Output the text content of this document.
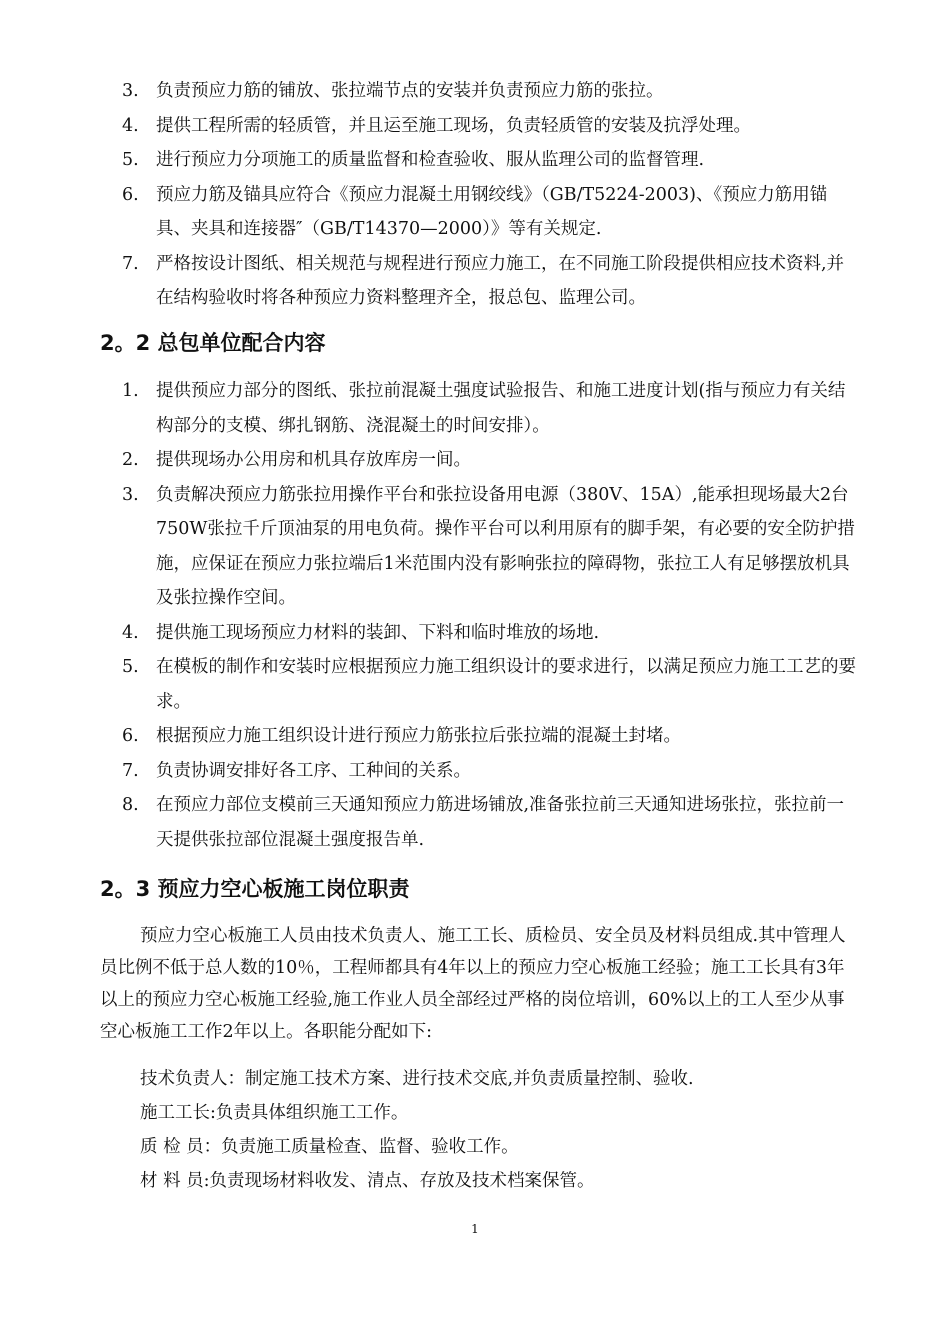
3. 负责预应力筋的铺放、张拉端节点的安装并负责预应力筋的张拉。
4. 提供工程所需的轻质管，并且运至施工现场，负责轻质管的安装及抗浮处理。
5. 进行预应力分项施工的质量监督和检查验收、服从监理公司的监督管理.
6. 预应力筋及锚具应符合《预应力混凝土用钢绞线》（GB/T5224-2003)、《预应力筋用锚具、夹具和连接器″（GB/T14370—2000）》等有关规定.
7. 严格按设计图纸、相关规范与规程进行预应力施工，在不同施工阶段提供相应技术资料,并在结构验收时将各种预应力资料整理齐全，报总包、监理公司。
2。2 总包单位配合内容
1. 提供预应力部分的图纸、张拉前混凝土强度试验报告、和施工进度计划(指与预应力有关结构部分的支模、绑扎钢筋、浇混凝土的时间安排）。
2. 提供现场办公用房和机具存放库房一间。
3. 负责解决预应力筋张拉用操作平台和张拉设备用电源（380V、15A）,能承担现场最大2台750W张拉千斤顶油泵的用电负荷。操作平台可以利用原有的脚手架，有必要的安全防护措施，应保证在预应力张拉端后1米范围内没有影响张拉的障碍物，张拉工人有足够摆放机具及张拉操作空间。
4. 提供施工现场预应力材料的装卸、下料和临时堆放的场地.
5. 在模板的制作和安装时应根据预应力施工组织设计的要求进行，以满足预应力施工工艺的要求。
6. 根据预应力施工组织设计进行预应力筋张拉后张拉端的混凝土封堵。
7. 负责协调安排好各工序、工种间的关系。
8. 在预应力部位支模前三天通知预应力筋进场铺放,准备张拉前三天通知进场张拉，张拉前一天提供张拉部位混凝土强度报告单.
2。3 预应力空心板施工岗位职责

预应力空心板施工人员由技术负责人、施工工长、质检员、安全员及材料员组成.其中管理人员比例不低于总人数的10％，工程师都具有4年以上的预应力空心板施工经验；施工工长具有3年以上的预应力空心板施工经验,施工作业人员全部经过严格的岗位培训，60%以上的工人至少从事空心板施工工作2年以上。各职能分配如下:

技术负责人：制定施工技术方案、进行技术交底,并负责质量控制、验收.
施工工长:负责具体组织施工工作。
质 检 员：负责施工质量检查、监督、验收工作。
材 料 员:负责现场材料收发、清点、存放及技术档案保管。
1
